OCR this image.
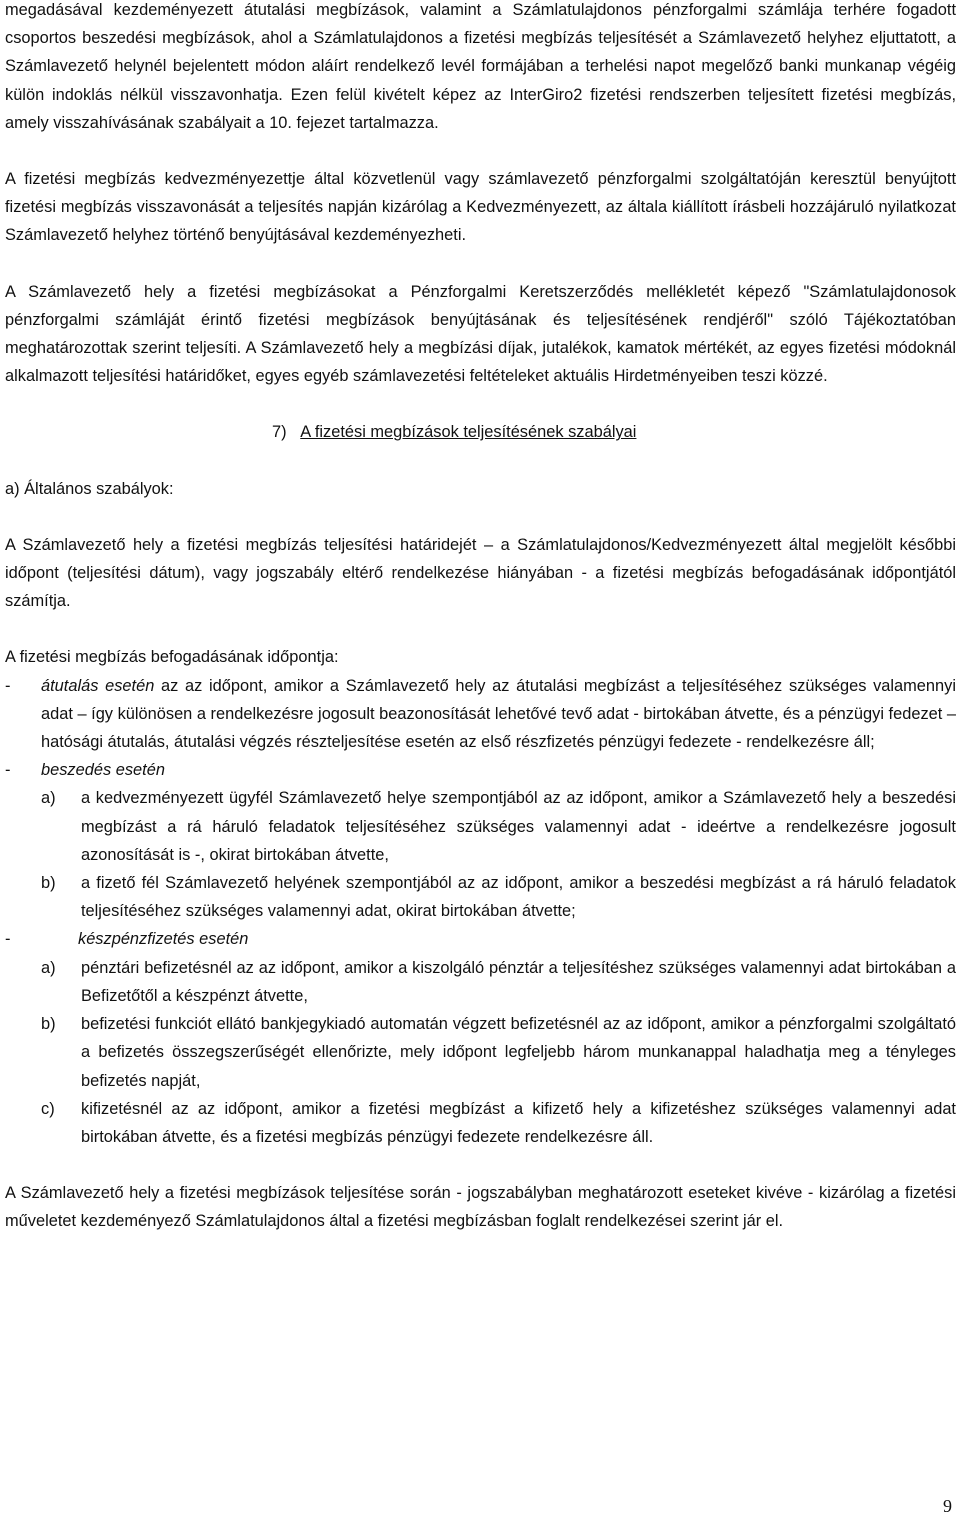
megadásával kezdeményezett átutalási megbízások, valamint a Számlatulajdonos pénzforgalmi számlája terhére fogadott csoportos beszedési megbízások, ahol a Számlatulajdonos a fizetési megbízás teljesítését a Számlavezető helyhez eljuttatott, a Számlavezető helynél bejelentett módon aláírt rendelkező levél formájában a terhelési napot megelőző banki munkanap végéig külön indoklás nélkül visszavonhatja. Ezen felül kivételt képez az InterGiro2 fizetési rendszerben teljesített fizetési megbízás, amely visszahívásának szabályait a 10. fejezet tartalmazza.

A fizetési megbízás kedvezményezettje által közvetlenül vagy számlavezető pénzforgalmi szolgáltatóján keresztül benyújtott fizetési megbízás visszavonását a teljesítés napján kizárólag a Kedvezményezett, az általa kiállított írásbeli hozzájáruló nyilatkozat Számlavezető helyhez történő benyújtásával kezdeményezheti.

A Számlavezető hely a fizetési megbízásokat a Pénzforgalmi Keretszerződés mellékletét képező "Számlatulajdonosok pénzforgalmi számláját érintő fizetési megbízások benyújtásának és teljesítésének rendjéről" szóló Tájékoztatóban meghatározottak szerint teljesíti. A Számlavezető hely a megbízási díjak, jutalékok, kamatok mértékét, az egyes fizetési módoknál alkalmazott teljesítési határidőket, egyes egyéb számlavezetési feltételeket aktuális Hirdetményeiben teszi közzé.

7) A fizetési megbízások teljesítésének szabályai

a) Általános szabályok:

A Számlavezető hely a fizetési megbízás teljesítési határidejét – a Számlatulajdonos/Kedvezményezett által megjelölt későbbi időpont (teljesítési dátum), vagy jogszabály eltérő rendelkezése hiányában - a fizetési megbízás befogadásának időpontjától számítja.

A fizetési megbízás befogadásának időpontja:

-	átutalás esetén az az időpont, amikor a Számlavezető hely az átutalási megbízást a teljesítéséhez szükséges valamennyi adat – így különösen a rendelkezésre jogosult beazonosítását lehetővé tevő adat - birtokában átvette, és a pénzügyi fedezet – hatósági átutalás, átutalási végzés részteljesítése esetén az első részfizetés pénzügyi fedezete - rendelkezésre áll;
-	beszedés esetén
a)	a kedvezményezett ügyfél Számlavezető helye szempontjából az az időpont, amikor a Számlavezető hely a beszedési megbízást a rá háruló feladatok teljesítéséhez szükséges valamennyi adat - ideértve a rendelkezésre jogosult azonosítását is -, okirat birtokában átvette,
b)	a fizető fél Számlavezető helyének szempontjából az az időpont, amikor a beszedési megbízást a rá háruló feladatok teljesítéséhez szükséges valamennyi adat, okirat birtokában átvette;
-	készpénzfizetés esetén
a)	pénztári befizetésnél az az időpont, amikor a kiszolgáló pénztár a teljesítéshez szükséges valamennyi adat birtokában a Befizetőtől a készpénzt átvette,
b)	befizetési funkciót ellátó bankjegykiadó automatán végzett befizetésnél az az időpont, amikor a pénzforgalmi szolgáltató a befizetés összegszerűségét ellenőrizte, mely időpont legfeljebb három munkanappal haladhatja meg a tényleges befizetés napját,
c)	kifizetésnél az az időpont, amikor a fizetési megbízást a kifizető hely a kifizetéshez szükséges valamennyi adat birtokában átvette, és a fizetési megbízás pénzügyi fedezete rendelkezésre áll.

A Számlavezető hely a fizetési megbízások teljesítése során - jogszabályban meghatározott eseteket kivéve - kizárólag a fizetési műveletet kezdeményező Számlatulajdonos által a fizetési megbízásban foglalt rendelkezései szerint jár el.

9
